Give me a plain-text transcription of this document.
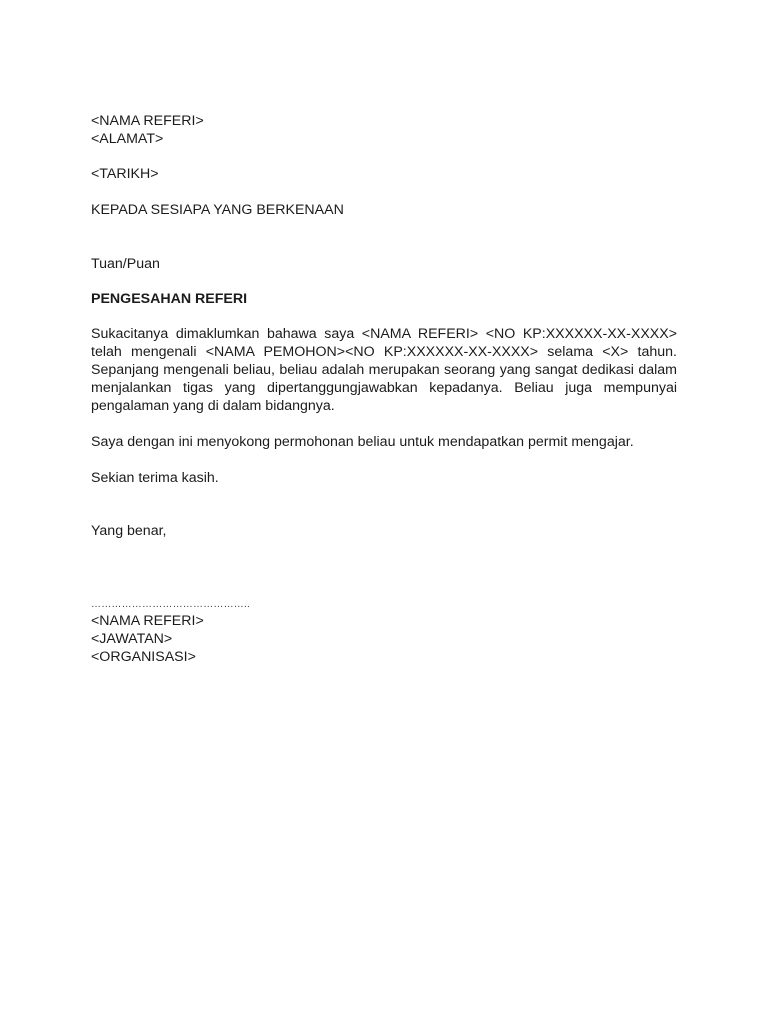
<NAMA REFERI>

<ALAMAT>

<TARIKH>

KEPADA SESIAPA YANG BERKENAAN

Tuan/Puan

PENGESAHAN REFERI

Sukacitanya dimaklumkan bahawa saya <NAMA REFERI> <NO KP:XXXXXX-XX-XXXX> telah mengenali <NAMA PEMOHON><NO KP:XXXXXX-XX-XXXX> selama <X> tahun. Sepanjang mengenali beliau, beliau adalah merupakan seorang yang sangat dedikasi dalam menjalankan tigas yang dipertanggungjawabkan kepadanya. Beliau juga mempunyai pengalaman yang di dalam bidangnya.

Saya dengan ini menyokong permohonan beliau untuk mendapatkan permit mengajar.

Sekian terima kasih.

Yang benar,

………………………………………..

<NAMA REFERI>

<JAWATAN>

<ORGANISASI>
